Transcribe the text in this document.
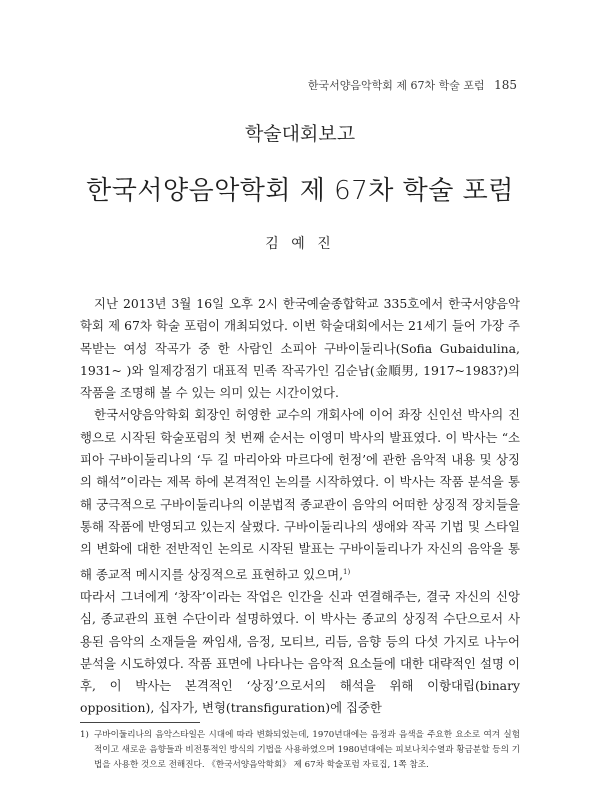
한국서양음악학회 제 67차 학술 포럼 185
학술대회보고
한국서양음악학회 제 67차 학술 포럼
김 예 진

지난 2013년 3월 16일 오후 2시 한국예술종합학교 335호에서 한국서양음악학회 제 67차 학술 포럼이 개최되었다. 이번 학술대회에서는 21세기 들어 가장 주목받는 여성 작곡가 중 한 사람인 소피아 구바이둘리나(Sofia Gubaidulina, 1931~ )와 일제강점기 대표적 민족 작곡가인 김순남(金順男, 1917~1983?)의 작품을 조명해 볼 수 있는 의미 있는 시간이었다.

한국서양음악학회 회장인 허영한 교수의 개회사에 이어 좌장 신인선 박사의 진행으로 시작된 학술포럼의 첫 번째 순서는 이영미 박사의 발표였다. 이 박사는 “소피아 구바이둘리나의 ‘두 길 마리아와 마르다에 헌정’에 관한 음악적 내용 및 상징의 해석”이라는 제목 하에 본격적인 논의를 시작하였다. 이 박사는 작품 분석을 통해 궁극적으로 구바이둘리나의 이분법적 종교관이 음악의 어떠한 상징적 장치들을 통해 작품에 반영되고 있는지 살폈다. 구바이둘리나의 생애와 작곡 기법 및 스타일의 변화에 대한 전반적인 논의로 시작된 발표는 구바이둘리나가 자신의 음악을 통해 종교적 메시지를 상징적으로 표현하고 있으며,$^{1)}$

따라서 그녀에게 ‘창작’이라는 작업은 인간을 신과 연결해주는, 결국 자신의 신앙심, 종교관의 표현 수단이라 설명하였다. 이 박사는 종교의 상징적 수단으로서 사용된 음악의 소재들을 짜임새, 음정, 모티브, 리듬, 음향 등의 다섯 가지로 나누어 분석을 시도하였다. 작품 표면에 나타나는 음악적 요소들에 대한 대략적인 설명 이후, 이 박사는 본격적인 ‘상징’으로서의 해석을 위해 이항대립(binary opposition), 십자가, 변형(transfiguration)에 집중한

1) 구바이둘리나의 음악스타일은 시대에 따라 변화되었는데, 1970년대에는 음정과 음색을 주요한 요소로 여겨 실험적이고 새로운 음향들과 비전통적인 방식의 기법을 사용하였으며 1980년대에는 피보나치수열과 황금분할 등의 기법을 사용한 것으로 전해진다. 《한국서양음악학회》 제 67차 학술포럼 자료집, 1쪽 참조.
